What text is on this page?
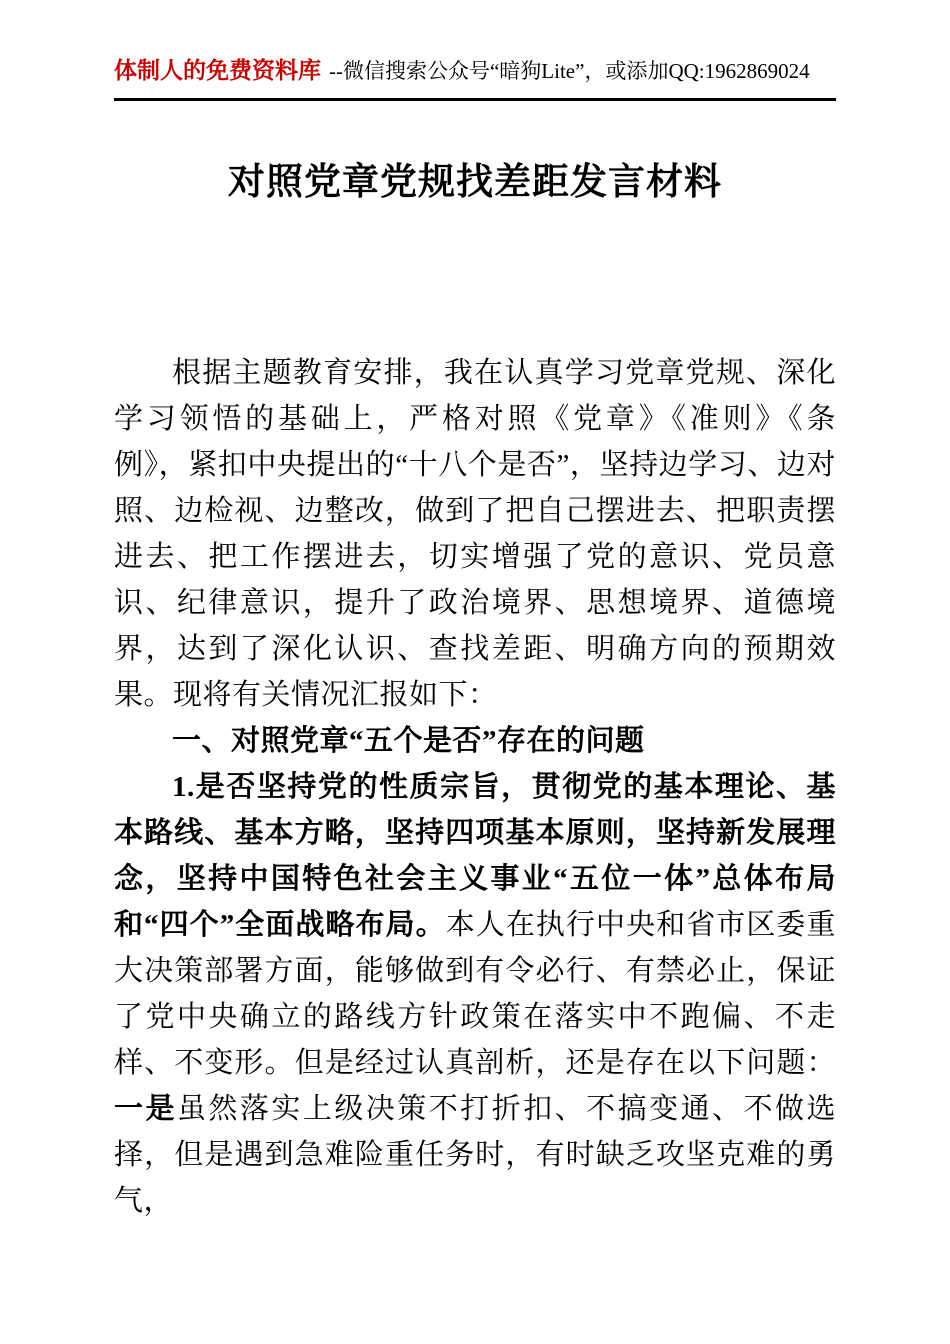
体制人的免费资料库 --微信搜索公众号“暗狗Lite”，或添加QQ:1962869024
对照党章党规找差距发言材料

根据主题教育安排，我在认真学习党章党规、深化学习领悟的基础上，严格对照《党章》《准则》《条例》，紧扣中央提出的“十八个是否”，坚持边学习、边对照、边检视、边整改，做到了把自己摆进去、把职责摆进去、把工作摆进去，切实增强了党的意识、党员意识、纪律意识，提升了政治境界、思想境界、道德境界，达到了深化认识、查找差距、明确方向的预期效果。现将有关情况汇报如下：

一、对照党章“五个是否”存在的问题

1.是否坚持党的性质宗旨，贯彻党的基本理论、基本路线、基本方略，坚持四项基本原则，坚持新发展理念，坚持中国特色社会主义事业“五位一体”总体布局和“四个”全面战略布局。本人在执行中央和省市区委重大决策部署方面，能够做到有令必行、有禁必止，保证了党中央确立的路线方针政策在落实中不跑偏、不走样、不变形。但是经过认真剖析，还是存在以下问题：一是虽然落实上级决策不打折扣、不搞变通、不做选择，但是遇到急难险重任务时，有时缺乏攻坚克难的勇气，
